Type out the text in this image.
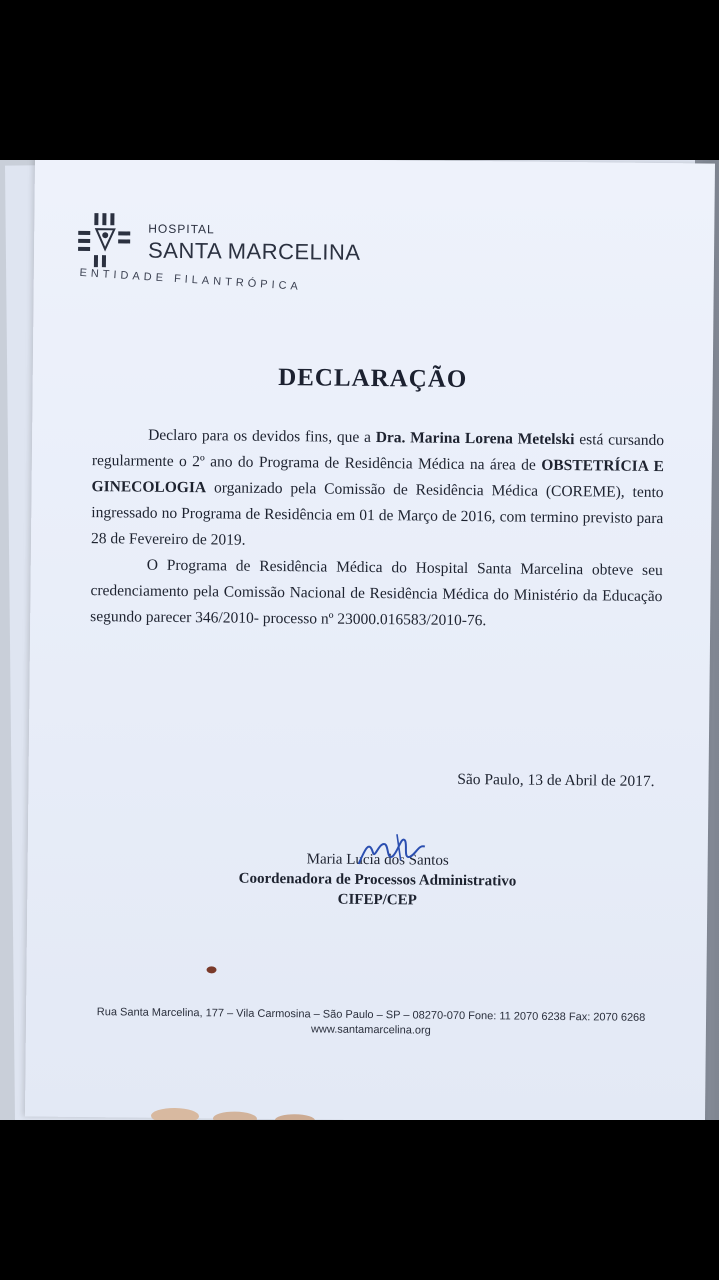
HOSPITAL
SANTA MARCELINA
ENTIDADE FILANTRÓPICA
DECLARAÇÃO

Declaro para os devidos fins, que a Dra. Marina Lorena Metelski está cursando regularmente o 2º ano do Programa de Residência Médica na área de OBSTETRÍCIA E GINECOLOGIA organizado pela Comissão de Residência Médica (COREME), tento ingressado no Programa de Residência em 01 de Março de 2016, com termino previsto para 28 de Fevereiro de 2019.

O Programa de Residência Médica do Hospital Santa Marcelina obteve seu credenciamento pela Comissão Nacional de Residência Médica do Ministério da Educação segundo parecer 346/2010- processo nº 23000.016583/2010-76.

São Paulo, 13 de Abril de 2017.
Maria Lucia dos Santos
Coordenadora de Processos Administrativo
CIFEP/CEP
Rua Santa Marcelina, 177 – Vila Carmosina – São Paulo – SP – 08270-070 Fone: 11 2070 6238 Fax: 2070 6268 www.santamarcelina.org
